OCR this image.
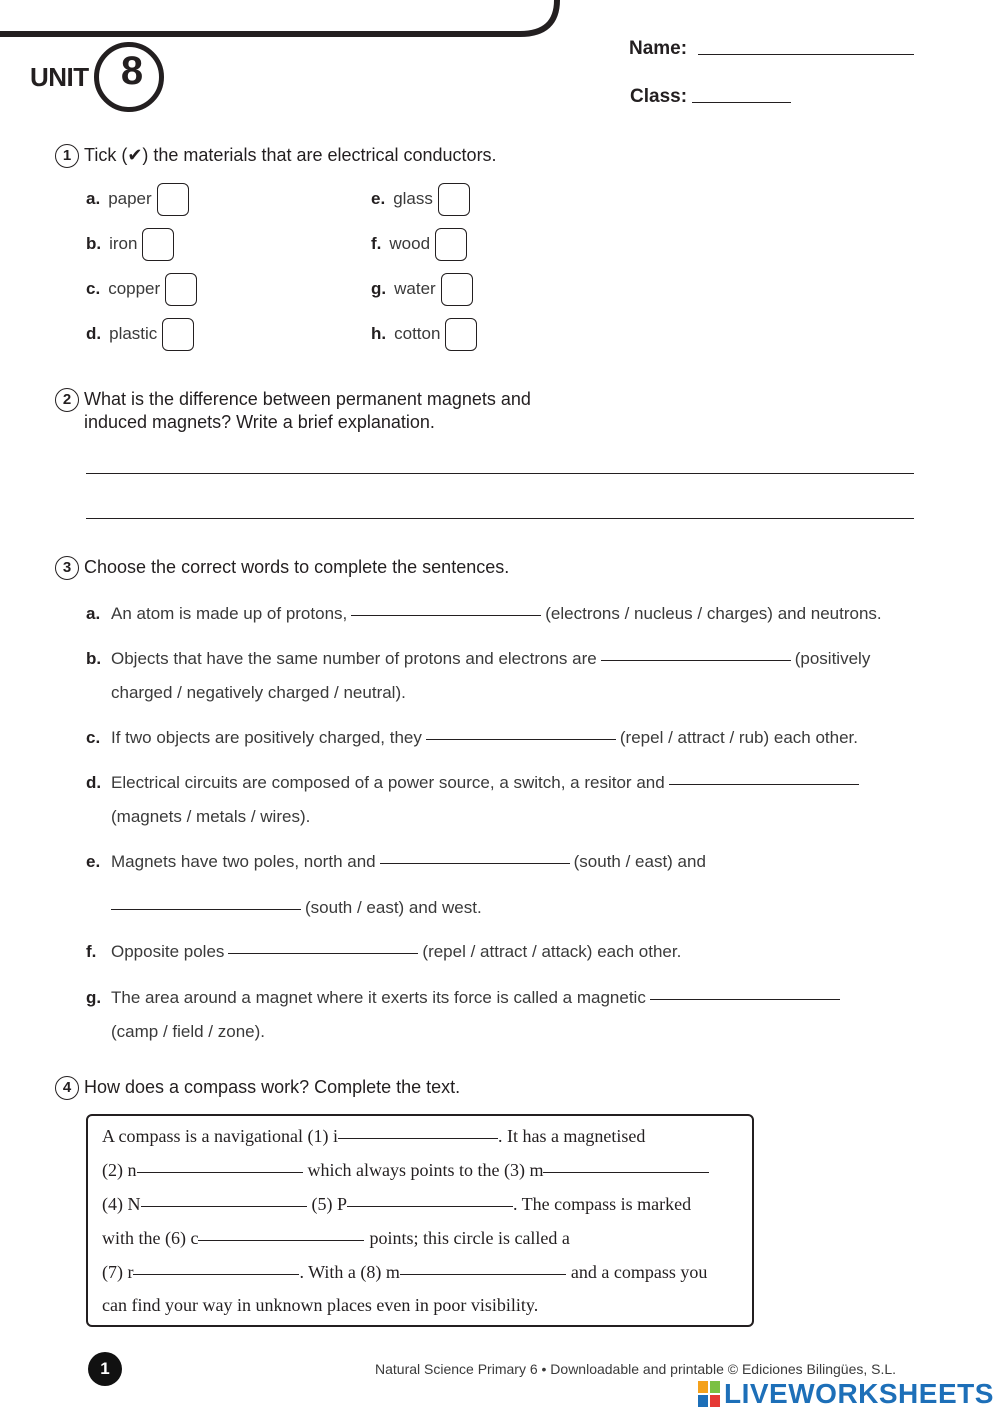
UNIT 8
Name:
Class:
1 Tick (✔) the materials that are electrical conductors.
a. paper
b. iron
c. copper
d. plastic
e. glass
f. wood
g. water
h. cotton
2 What is the difference between permanent magnets and
induced magnets? Write a brief explanation.
3 Choose the correct words to complete the sentences.
a. An atom is made up of protons,	(electrons / nucleus / charges) and neutrons.
b. Objects that have the same number of protons and electrons are	(positively
charged / negatively charged / neutral).
c. If two objects are positively charged, they	(repel / attract / rub) each other.
d. Electrical circuits are composed of a power source, a switch, a resitor and
(magnets / metals / wires).
e. Magnets have two poles, north and	(south / east) and
(south / east) and west.
f. Opposite poles	(repel / attract / attack) each other.
g. The area around a magnet where it exerts its force is called a magnetic
(camp / field / zone).
4 How does a compass work? Complete the text.
A compass is a navigational (1) i	. It has a magnetised
(2) n	which always points to the (3) m
(4) N	(5) P	. The compass is marked
with the (6) c	points; this circle is called a
(7) r	. With a (8) m	and a compass you
can find your way in unknown places even in poor visibility.
1	Natural Science Primary 6 • Downloadable and printable © Ediciones Bilingües, S.L.
LIVEWORKSHEETS
